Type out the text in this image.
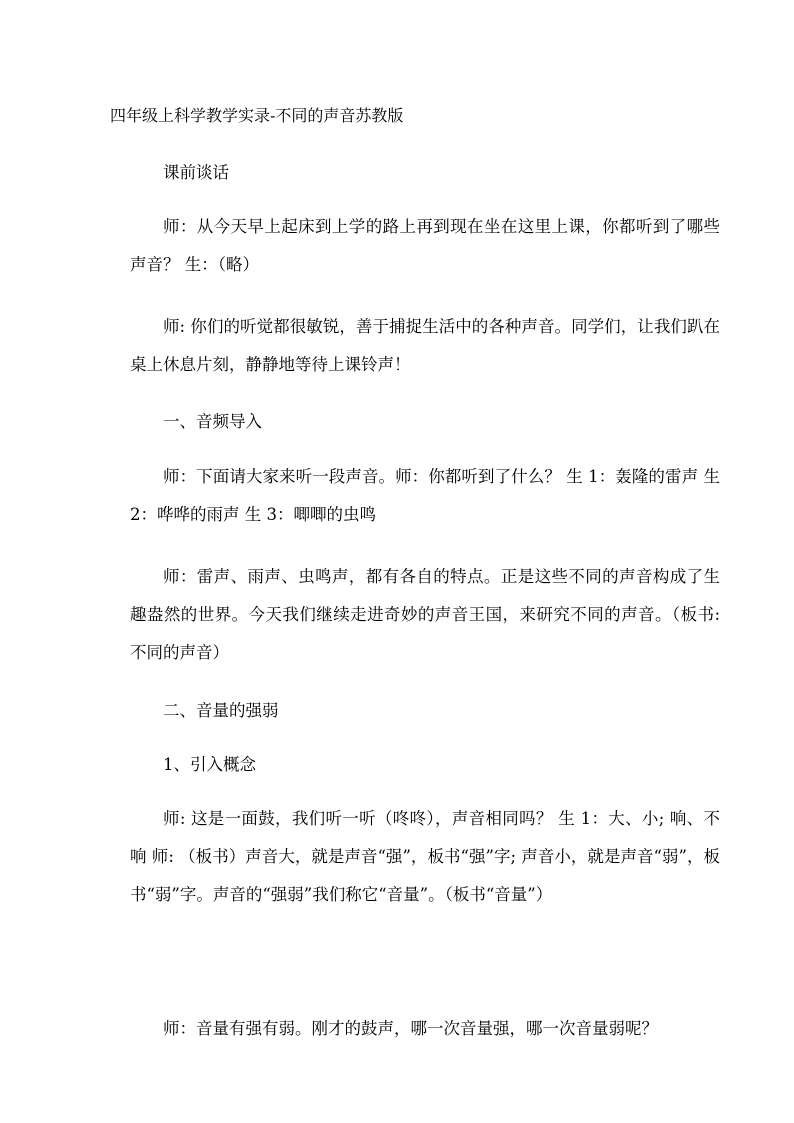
四年级上科学教学实录-不同的声音苏教版
课前谈话
师：从今天早上起床到上学的路上再到现在坐在这里上课，你都听到了哪些声音？ 生：（略）
师: 你们的听觉都很敏锐，善于捕捉生活中的各种声音。同学们，让我们趴在桌上休息片刻，静静地等待上课铃声！
一、音频导入
师：下面请大家来听一段声音。师：你都听到了什么？ 生 1：轰隆的雷声 生 2：哗哗的雨声 生 3：唧唧的虫鸣
师：雷声、雨声、虫鸣声，都有各自的特点。正是这些不同的声音构成了生趣盎然的世界。今天我们继续走进奇妙的声音王国，来研究不同的声音。（板书:不同的声音）
二、音量的强弱
1、引入概念
师: 这是一面鼓，我们听一听（咚咚），声音相同吗？ 生 1：大、小; 响、不响 师: （板书）声音大，就是声音“强”，板书“强”字; 声音小，就是声音“弱”，板书“弱”字。声音的“强弱”我们称它“音量”。（板书“音量”）
师：音量有强有弱。刚才的鼓声，哪一次音量强，哪一次音量弱呢？
